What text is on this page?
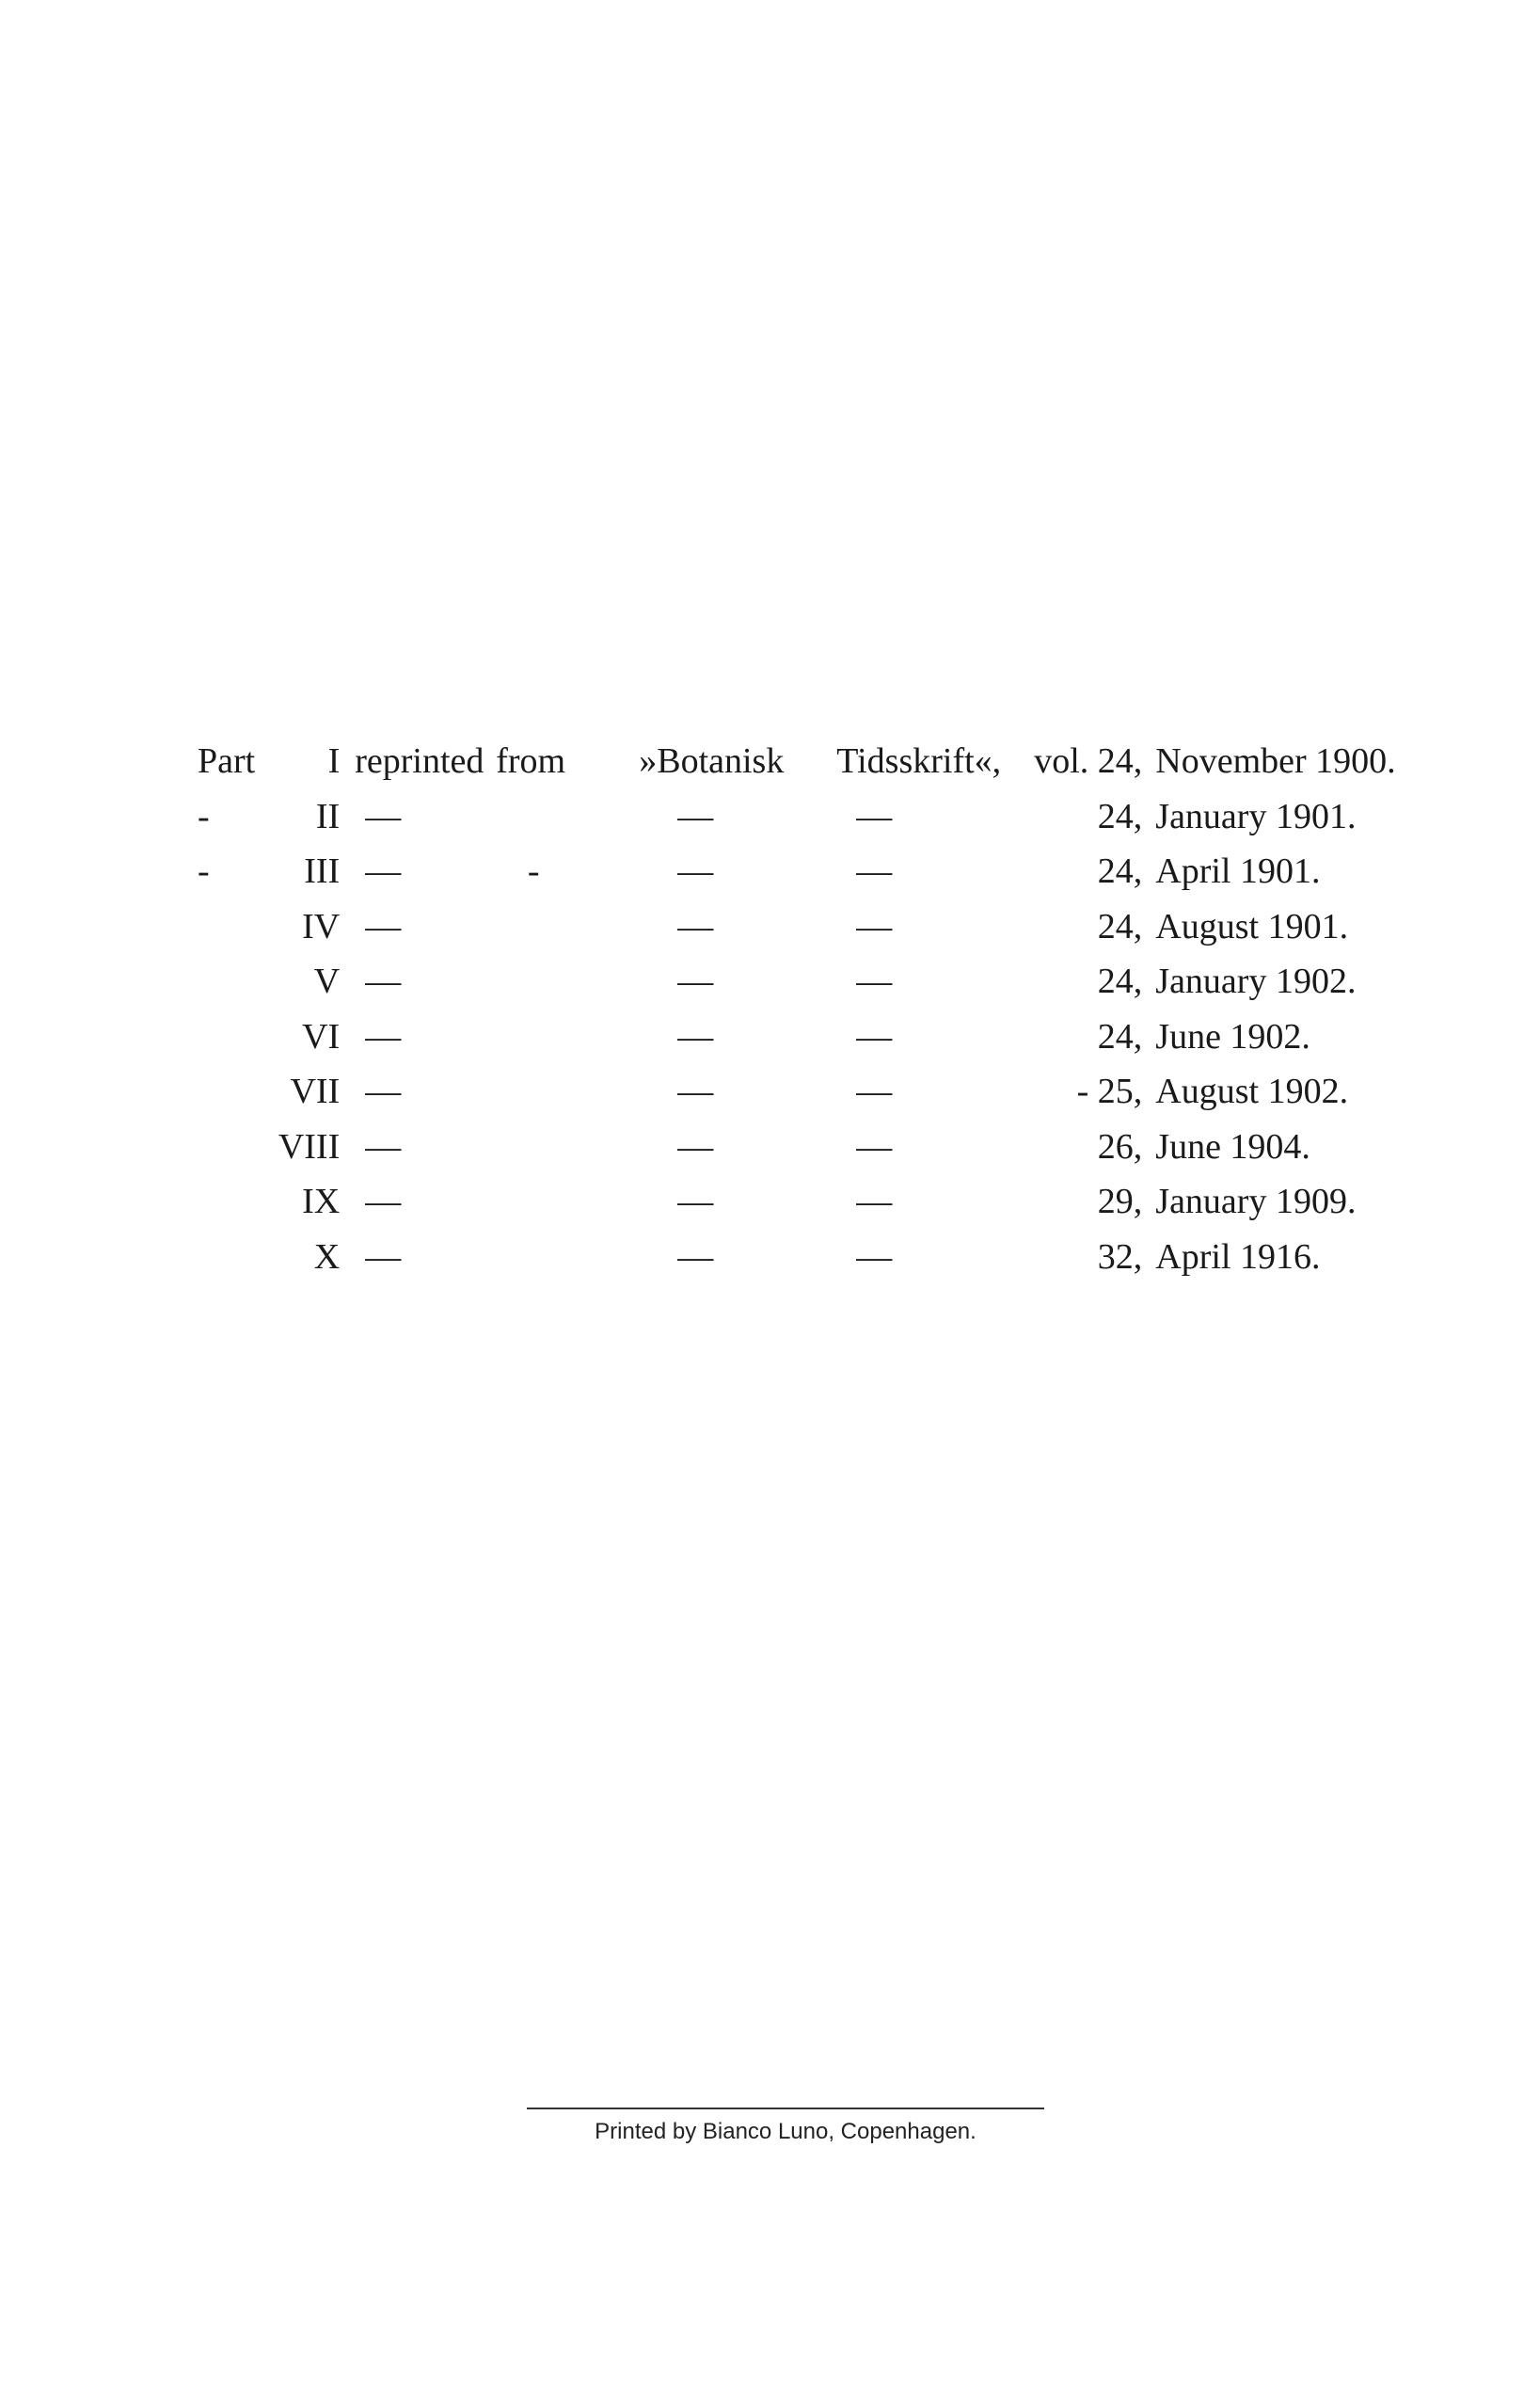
Part	I	reprinted	from	»Botanisk	Tidsskrift«,	vol. 24,	November 1900.
-	II	—		—	—	24,	January 1901.
-	III	—	-	—	—	24,	April 1901.
	IV	—		—	—	24,	August 1901.
	V	—		—	—	24,	January 1902.
	VI	—		—	—	24,	June 1902.
	VII	—		—	—	- 25,	August 1902.
	VIII	—		—	—	26,	June 1904.
	IX	—		—	—	29,	January 1909.
	X	—		—	—	32,	April 1916.
Printed by Bianco Luno, Copenhagen.
